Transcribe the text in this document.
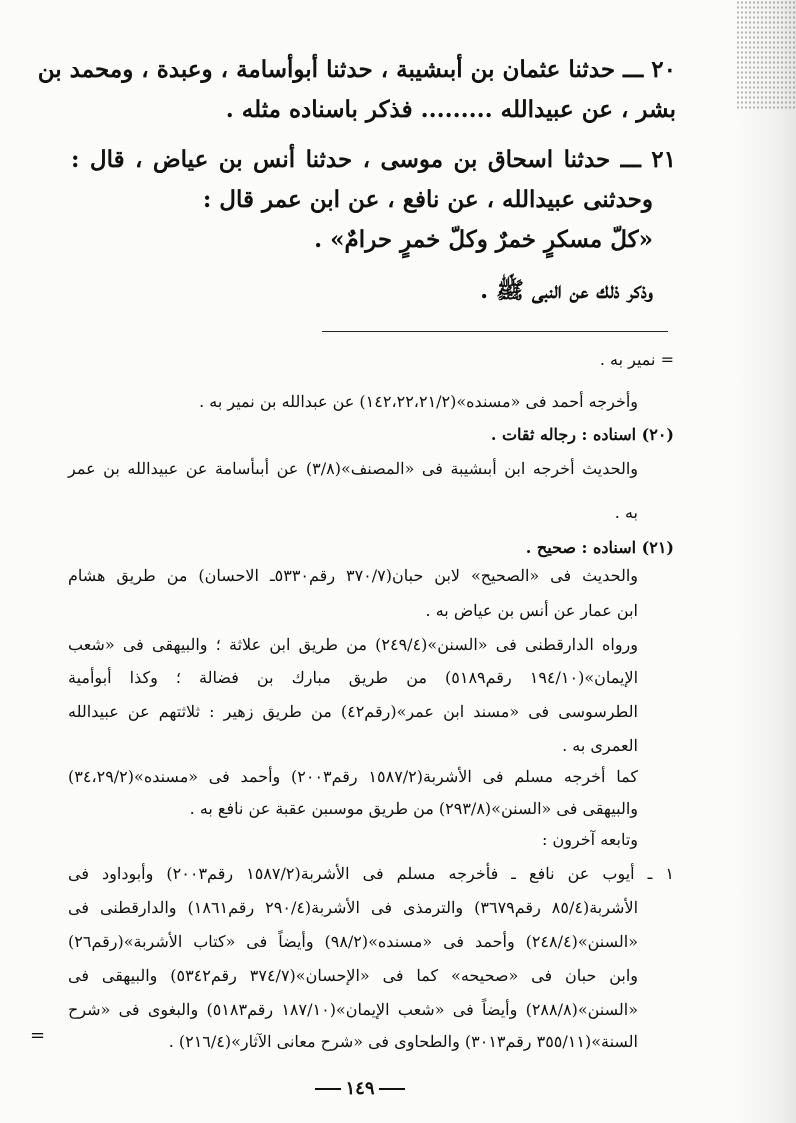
٢٠ ـــ حدثنا عثمان بن أبىشيبة ، حدثنا أبوأسامة ، وعبدة ، ومحمد بن
بشر ، عن عبيدالله ......... فذكر باسناده مثله .
٢١ ـــ حدثنا اسحاق بن موسى ، حدثنا أنس بن عياض ، قال :
وحدثنى عبيدالله ، عن نافع ، عن ابن عمر قال :
«كلّ مسكرٍ خمرٌ وكلّ خمرٍ حرامٌ» .
وذكر ذلك عن النبى ﷺ .
= نمير به .
وأخرجه أحمد فى «مسنده»(١٤٢،٢٢،٢١/٢) عن عبدالله بن نمير به .
(٢٠) اسناده : رجاله ثقات .
والحديث أخرجه ابن أبىشيبة فى «المصنف»(٣/٨) عن أبىأسامة عن عبيدالله بن عمر
به .
(٢١) اسناده : صحيح .
والحديث فى «الصحيح» لابن حبان(٣٧٠/٧ رقم٥٣٣٠ـ الاحسان) من طريق هشام
ابن عمار عن أنس بن عياض به .
ورواه الدارقطنى فى «السنن»(٢٤٩/٤) من طريق ابن علاثة ؛ والبيهقى فى «شعب
الإيمان»(١٩٤/١٠ رقم٥١٨٩) من طريق مبارك بن فضالة ؛ وكذا أبوأمية
الطرسوسى فى «مسند ابن عمر»(رقم٤٢) من طريق زهير : ثلاثتهم عن عبيدالله
العمرى به .
كما أخرجه مسلم فى الأشربة(١٥٨٧/٢ رقم٢٠٠٣) وأحمد فى «مسنده»(٣٤،٢٩/٢)
والبيهقى فى «السنن»(٢٩٣/٨) من طريق موسىبن عقبة عن نافع به .
وتابعه آخرون :
١ ـ أيوب عن نافع ـ فأخرجه مسلم فى الأشربة(١٥٨٧/٢ رقم٢٠٠٣) وأبوداود فى
الأشربة(٨٥/٤ رقم٣٦٧٩) والترمذى فى الأشربة(٢٩٠/٤ رقم١٨٦١) والدارقطنى فى
«السنن»(٢٤٨/٤) وأحمد فى «مسنده»(٩٨/٢) وأيضاً فى «كتاب الأشربة»(رقم٢٦)
وابن حبان فى «صحيحه» كما فى «الإحسان»(٣٧٤/٧ رقم٥٣٤٢) والبيهقى فى
«السنن»(٢٨٨/٨) وأيضاً فى «شعب الإيمان»(١٨٧/١٠ رقم٥١٨٣) والبغوى فى «شرح
السنة»(٣٥٥/١١ رقم٣٠١٣) والطحاوى فى «شرح معانى الآثار»(٢١٦/٤) .
=
١٤٩
